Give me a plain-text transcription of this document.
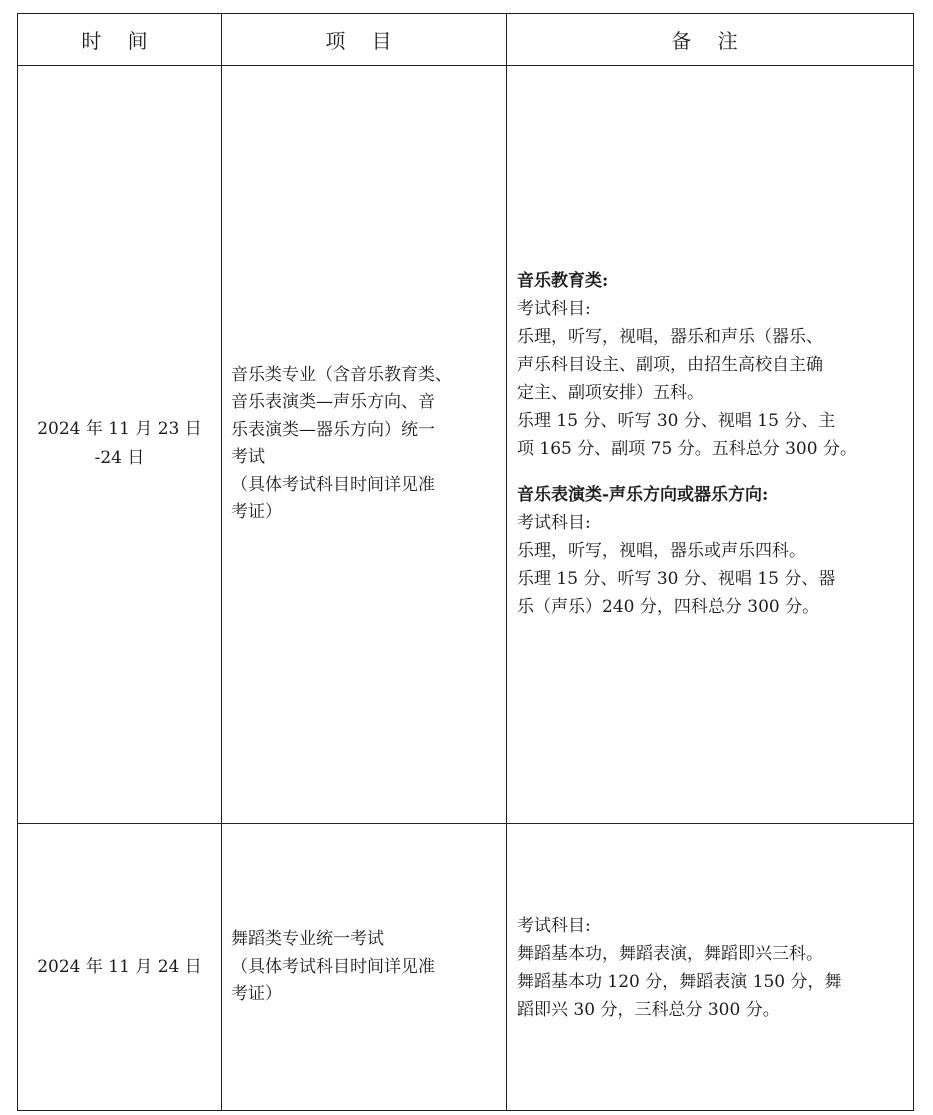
时 间	项 目	备 注
2024 年 11 月 23 日
-24 日
音乐类专业（含音乐教育类、
音乐表演类—声乐方向、音
乐表演类—器乐方向）统一
考试
（具体考试科目时间详见准
考证）
音乐教育类:
考试科目:
乐理，听写，视唱，器乐和声乐（器乐、
声乐科目设主、副项，由招生高校自主确
定主、副项安排）五科。
乐理 15 分、听写 30 分、视唱 15 分、主
项 165 分、副项 75 分。五科总分 300 分。
音乐表演类-声乐方向或器乐方向:
考试科目:
乐理，听写，视唱，器乐或声乐四科。
乐理 15 分、听写 30 分、视唱 15 分、器
乐（声乐）240 分，四科总分 300 分。
2024 年 11 月 24 日
舞蹈类专业统一考试
（具体考试科目时间详见准
考证）
考试科目:
舞蹈基本功，舞蹈表演，舞蹈即兴三科。
舞蹈基本功 120 分，舞蹈表演 150 分，舞
蹈即兴 30 分，三科总分 300 分。
